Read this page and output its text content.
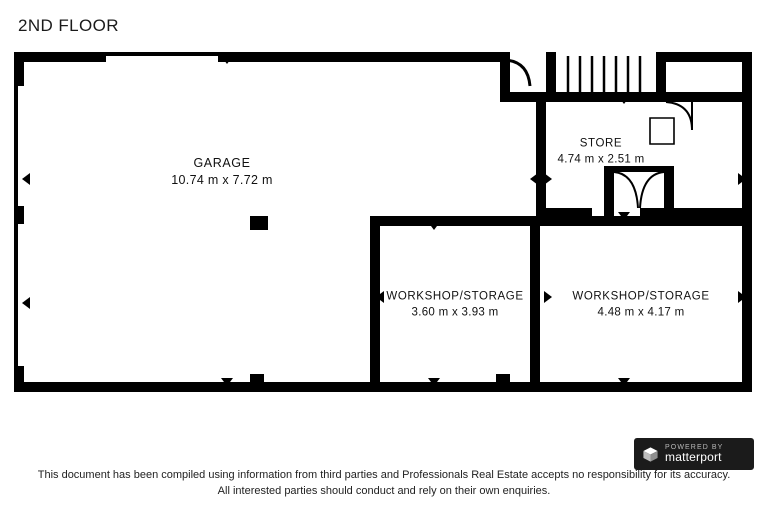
2ND FLOOR
GARAGE
10.74 m x 7.72 m
STORE
4.74 m x 2.51 m
WORKSHOP/STORAGE
3.60 m x 3.93 m
WORKSHOP/STORAGE
4.48 m x 4.17 m
POWERED BY
matterport
This document has been compiled using information from third parties and Professionals Real Estate accepts no responsibility for its accuracy.
All interested parties should conduct and rely on their own enquiries.
